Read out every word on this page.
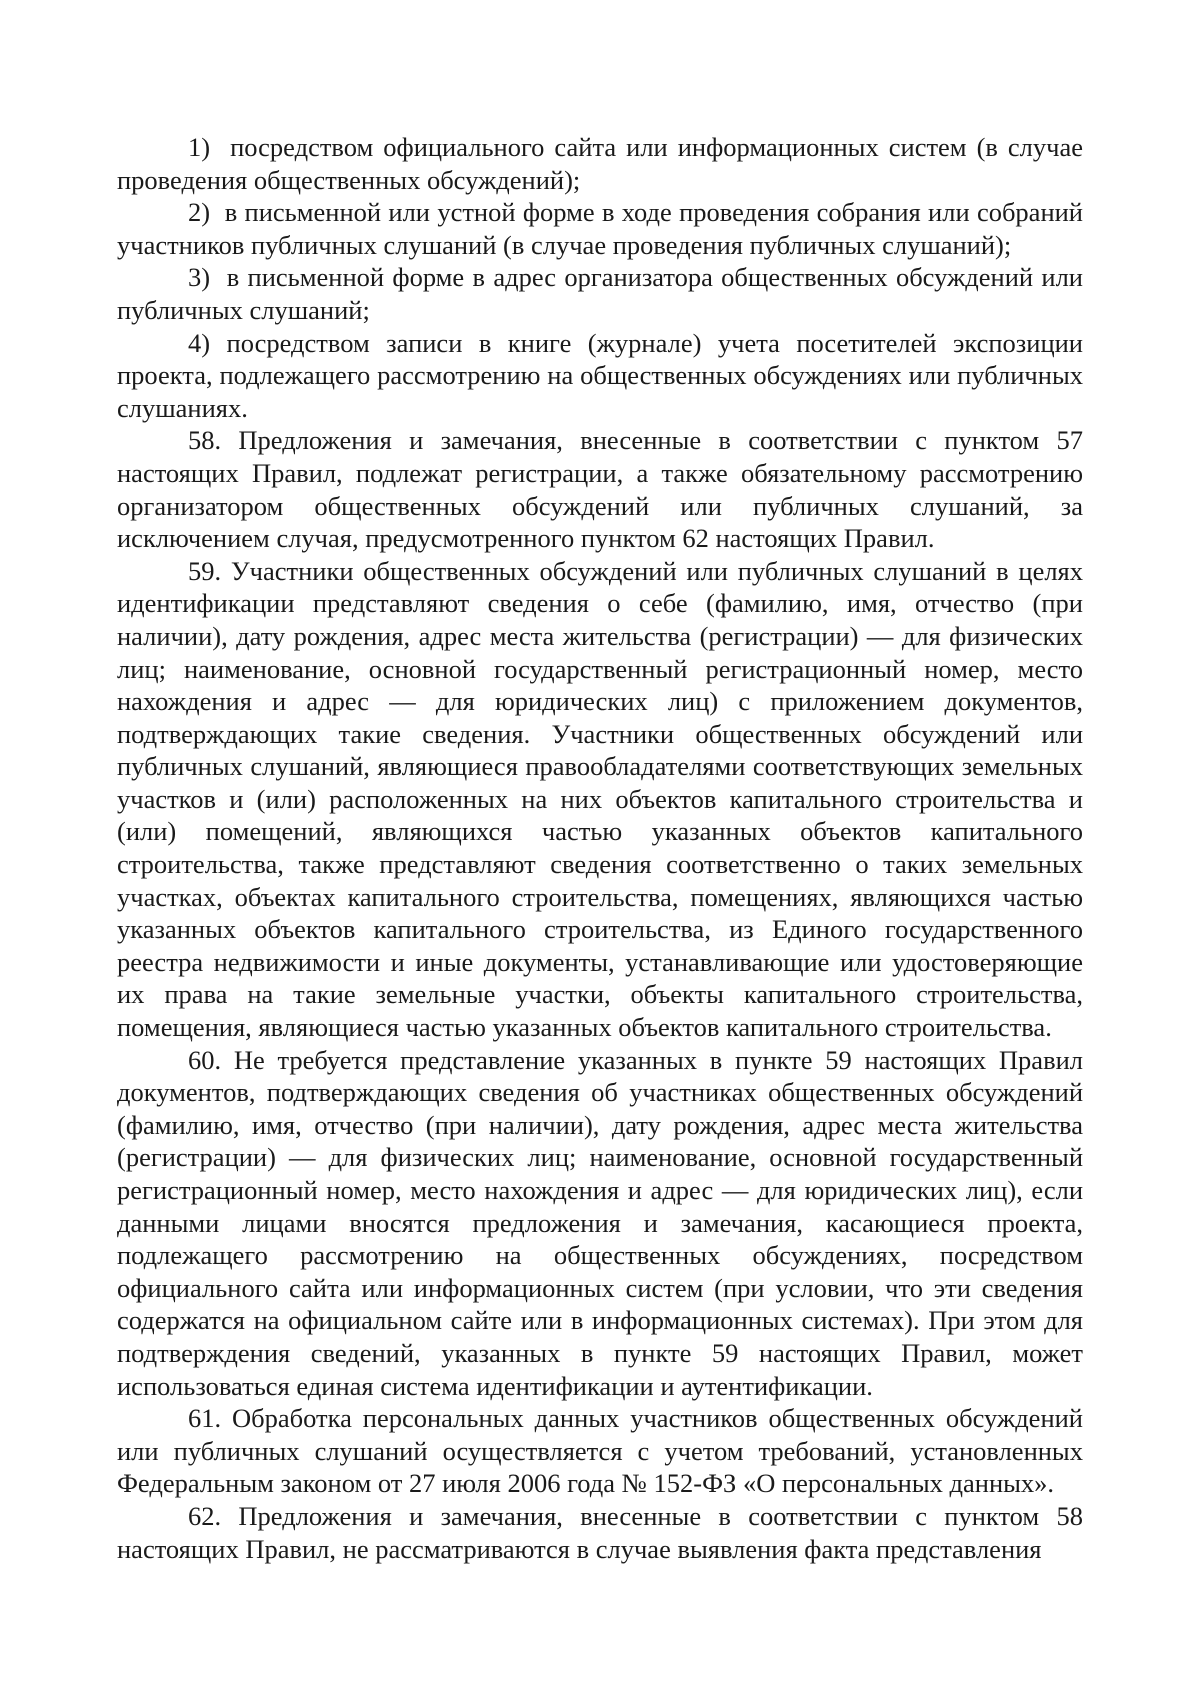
1)  посредством официального сайта или информационных систем (в случае проведения общественных обсуждений);

2)  в письменной или устной форме в ходе проведения собрания или собраний участников публичных слушаний (в случае проведения публичных слушаний);

3)  в письменной форме в адрес организатора общественных обсуждений или публичных слушаний;

4) посредством записи в книге (журнале) учета посетителей экспозиции проекта, подлежащего рассмотрению на общественных обсуждениях или публичных слушаниях.

58. Предложения и замечания, внесенные в соответствии с пунктом 57 настоящих Правил, подлежат регистрации, а также обязательному рассмотрению организатором общественных обсуждений или публичных слушаний, за исключением случая, предусмотренного пунктом 62 настоящих Правил.

59. Участники общественных обсуждений или публичных слушаний в целях идентификации представляют сведения о себе (фамилию, имя, отчество (при наличии), дату рождения, адрес места жительства (регистрации) — для физических лиц; наименование, основной государственный регистрационный номер, место нахождения и адрес — для юридических лиц) с приложением документов, подтверждающих такие сведения. Участники общественных обсуждений или публичных слушаний, являющиеся правообладателями соответствующих земельных участков и (или) расположенных на них объектов капитального строительства и (или) помещений, являющихся частью указанных объектов капитального строительства, также представляют сведения соответственно о таких земельных участках, объектах капитального строительства, помещениях, являющихся частью указанных объектов капитального строительства, из Единого государственного реестра недвижимости и иные документы, устанавливающие или удостоверяющие их права на такие земельные участки, объекты капитального строительства, помещения, являющиеся частью указанных объектов капитального строительства.

60. Не требуется представление указанных в пункте 59 настоящих Правил документов, подтверждающих сведения об участниках общественных обсуждений (фамилию, имя, отчество (при наличии), дату рождения, адрес места жительства (регистрации) — для физических лиц; наименование, основной государственный регистрационный номер, место нахождения и адрес — для юридических лиц), если данными лицами вносятся предложения и замечания, касающиеся проекта, подлежащего рассмотрению на общественных обсуждениях, посредством официального сайта или информационных систем (при условии, что эти сведения содержатся на официальном сайте или в информационных системах). При этом для подтверждения сведений, указанных в пункте 59 настоящих Правил, может использоваться единая система идентификации и аутентификации.

61. Обработка персональных данных участников общественных обсуждений или публичных слушаний осуществляется с учетом требований, установленных Федеральным законом от 27 июля 2006 года № 152-ФЗ «О персональных данных».

62. Предложения и замечания, внесенные в соответствии с пунктом 58 настоящих Правил, не рассматриваются в случае выявления факта представления
